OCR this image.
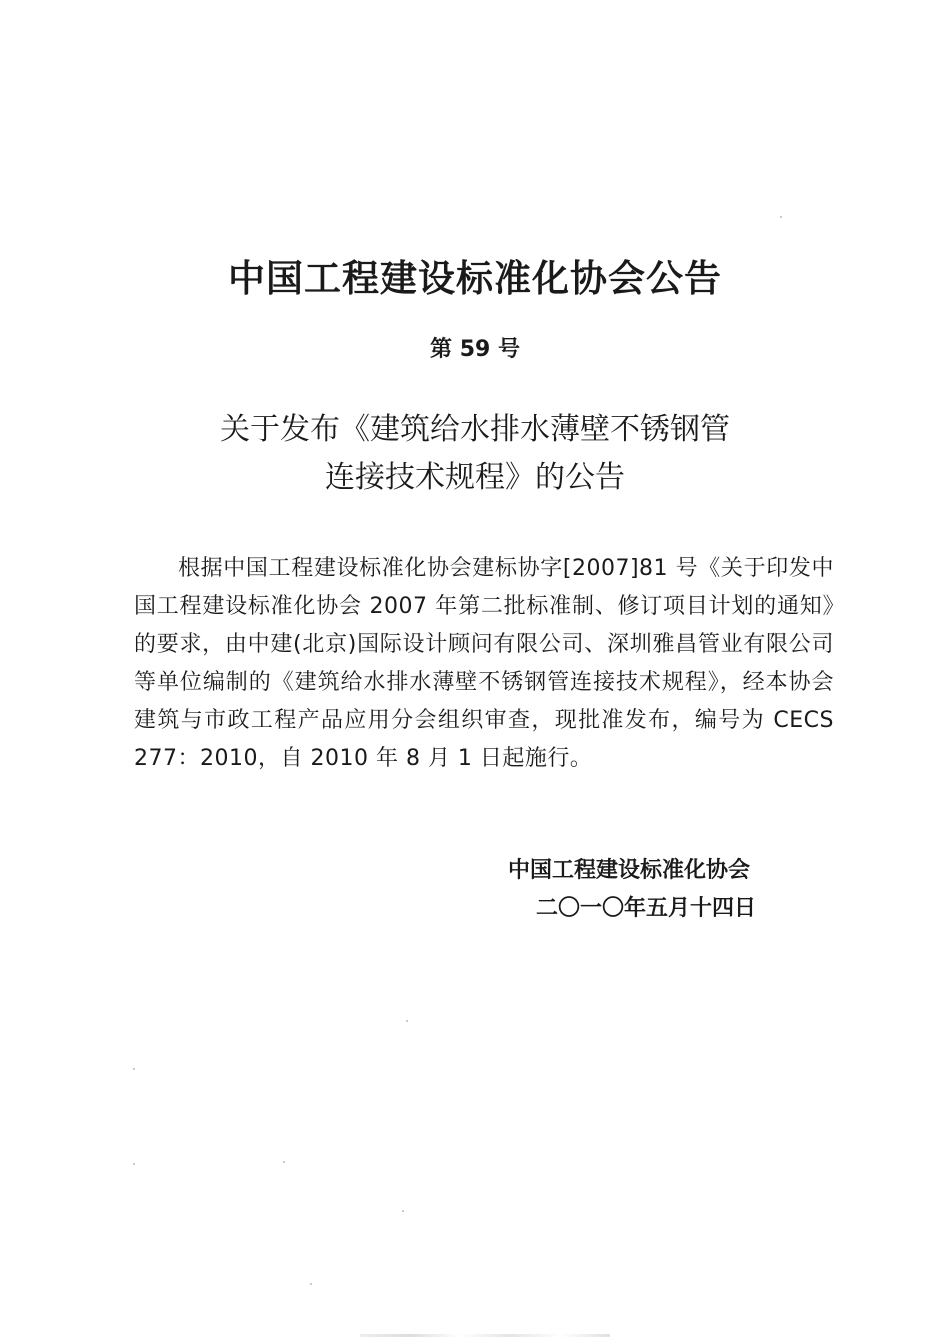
中国工程建设标准化协会公告
第 59 号
关于发布《建筑给水排水薄壁不锈钢管
连接技术规程》的公告
根据中国工程建设标准化协会建标协字[2007]81 号《关于印发中国工程建设标准化协会 2007 年第二批标准制、修订项目计划的通知》的要求，由中建(北京)国际设计顾问有限公司、深圳雅昌管业有限公司等单位编制的《建筑给水排水薄壁不锈钢管连接技术规程》，经本协会建筑与市政工程产品应用分会组织审查，现批准发布，编号为 CECS 277：2010，自 2010 年 8 月 1 日起施行。
中国工程建设标准化协会
二〇一〇年五月十四日
